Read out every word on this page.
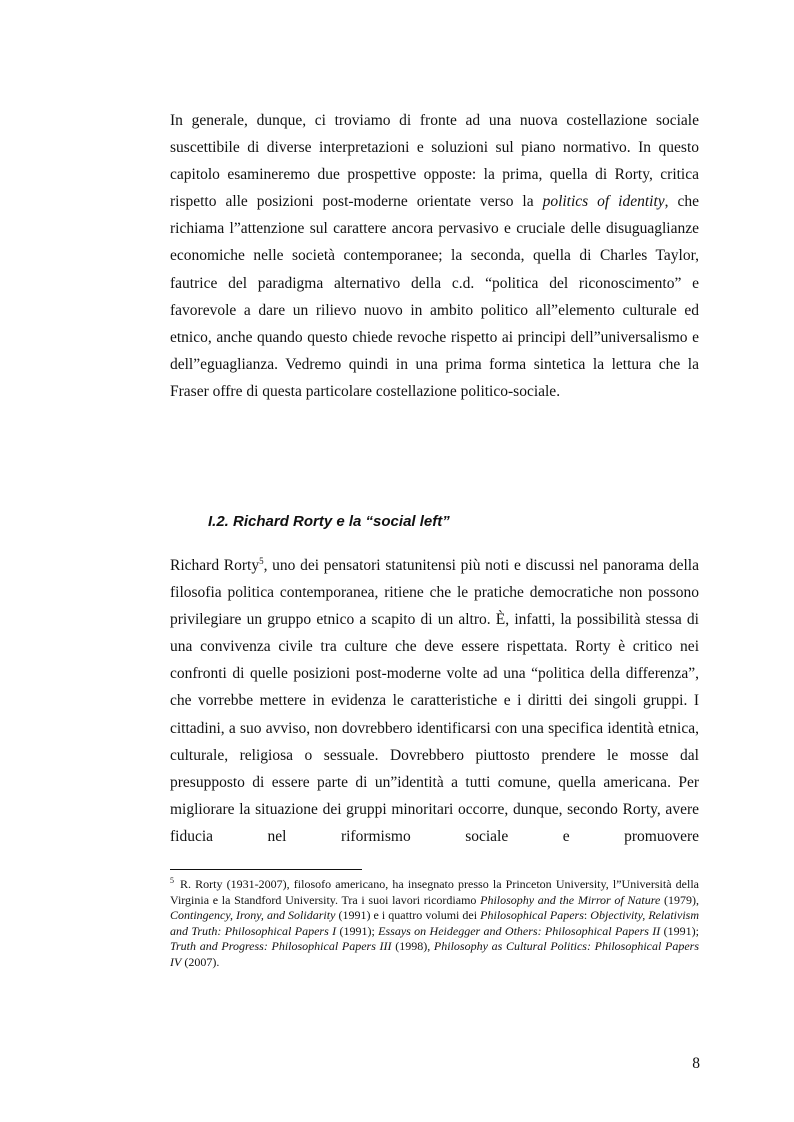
In generale, dunque, ci troviamo di fronte ad una nuova costellazione sociale suscettibile di diverse interpretazioni e soluzioni sul piano normativo. In questo capitolo esamineremo due prospettive opposte: la prima, quella di Rorty, critica rispetto alle posizioni post-moderne orientate verso la politics of identity, che richiama l”attenzione sul carattere ancora pervasivo e cruciale delle disuguaglianze economiche nelle società contemporanee; la seconda, quella di Charles Taylor, fautrice del paradigma alternativo della c.d. “politica del riconoscimento” e favorevole a dare un rilievo nuovo in ambito politico all”elemento culturale ed etnico, anche quando questo chiede revoche rispetto ai principi dell”universalismo e dell”eguaglianza. Vedremo quindi in una prima forma sintetica la lettura che la Fraser offre di questa particolare costellazione politico-sociale.
I.2. Richard Rorty e la “social left”
Richard Rorty$^5$, uno dei pensatori statunitensi più noti e discussi nel panorama della filosofia politica contemporanea, ritiene che le pratiche democratiche non possono privilegiare un gruppo etnico a scapito di un altro. È, infatti, la possibilità stessa di una convivenza civile tra culture che deve essere rispettata. Rorty è critico nei confronti di quelle posizioni post-moderne volte ad una “politica della differenza”, che vorrebbe mettere in evidenza le caratteristiche e i diritti dei singoli gruppi. I cittadini, a suo avviso, non dovrebbero identificarsi con una specifica identità etnica, culturale, religiosa o sessuale. Dovrebbero piuttosto prendere le mosse dal presupposto di essere parte di un”identità a tutti comune, quella americana. Per migliorare la situazione dei gruppi minoritari occorre, dunque, secondo Rorty, avere fiducia nel riformismo sociale e promuovere
$^5$ R. Rorty (1931-2007), filosofo americano, ha insegnato presso la Princeton University, l”Università della Virginia e la Standford University. Tra i suoi lavori ricordiamo Philosophy and the Mirror of Nature (1979), Contingency, Irony, and Solidarity (1991) e i quattro volumi dei Philosophical Papers: Objectivity, Relativism and Truth: Philosophical Papers I (1991); Essays on Heidegger and Others: Philosophical Papers II (1991); Truth and Progress: Philosophical Papers III (1998), Philosophy as Cultural Politics: Philosophical Papers IV (2007).
8
